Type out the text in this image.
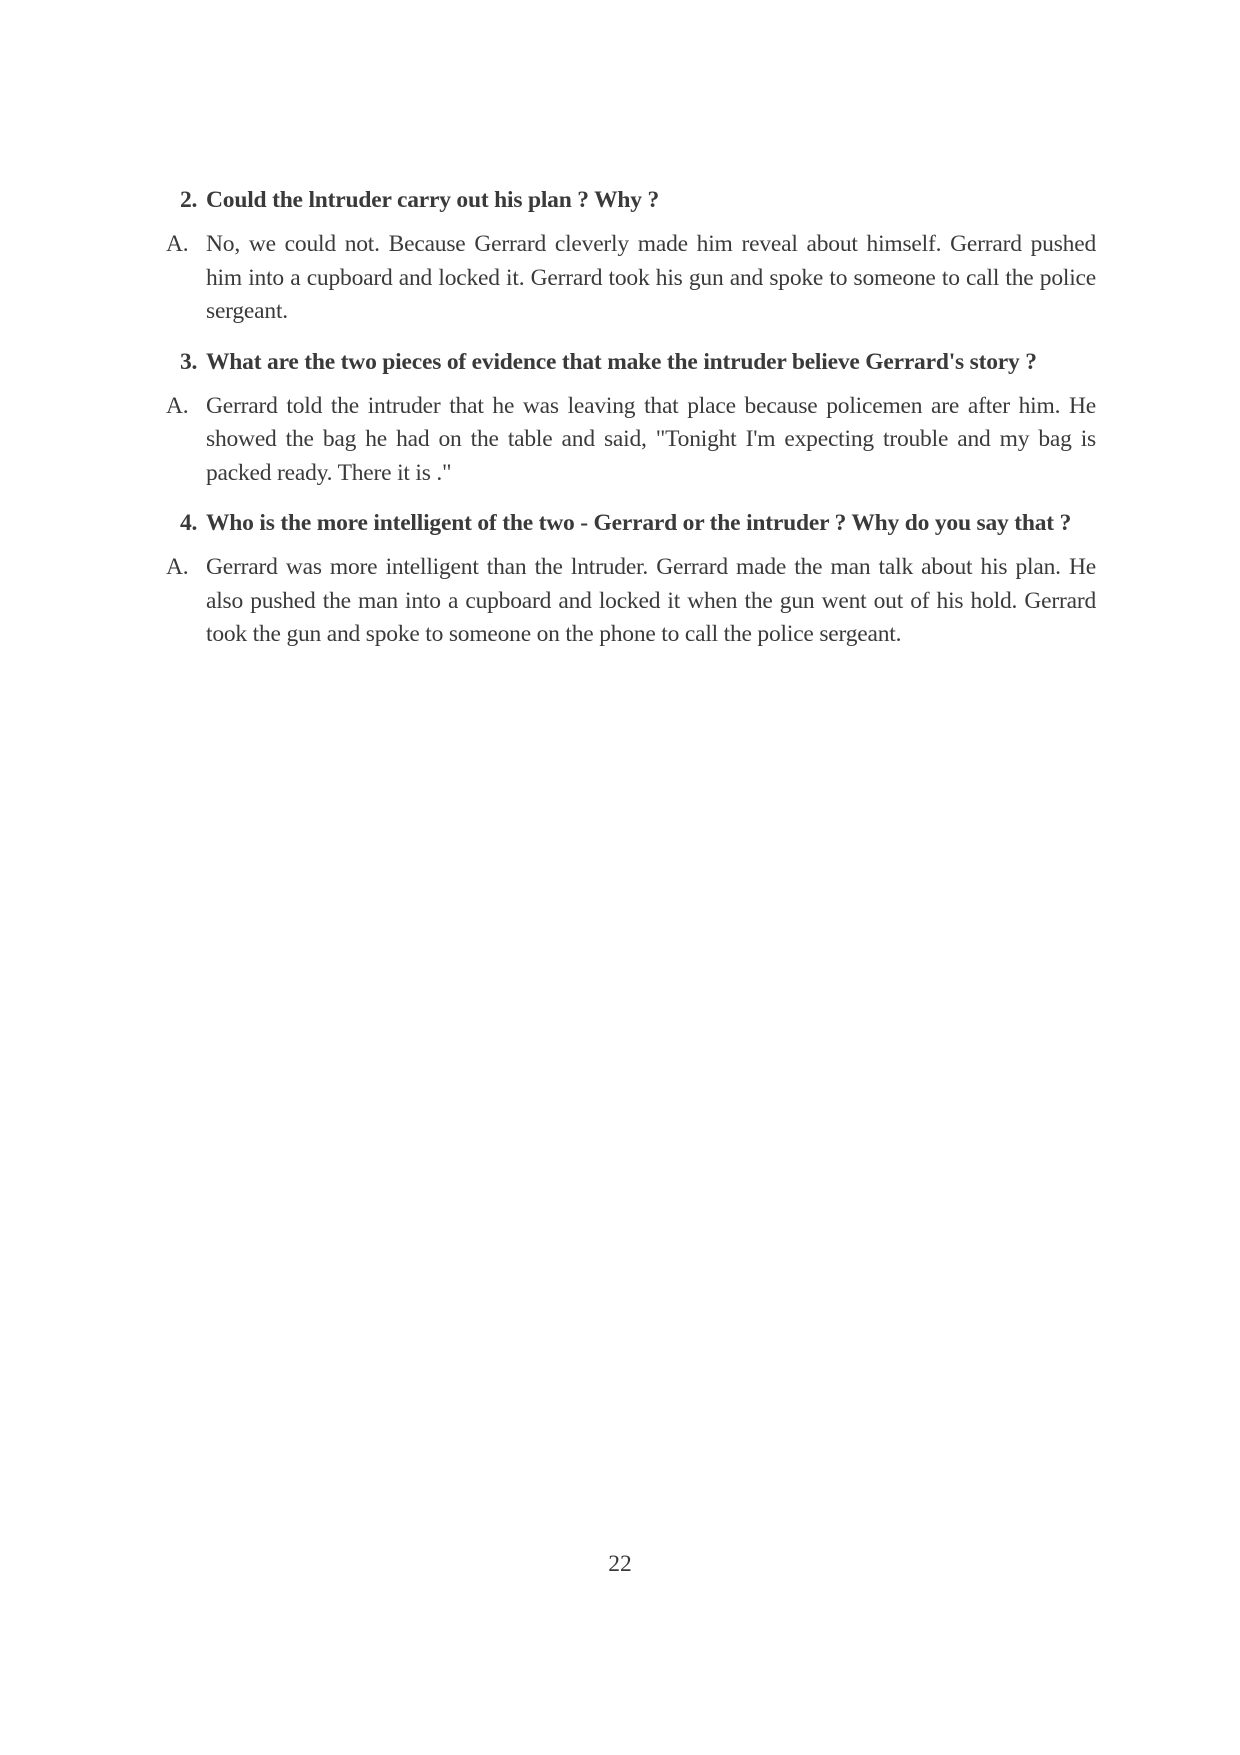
2. Could the lntruder carry out his plan ? Why ?
A. No, we could not. Because Gerrard cleverly made him reveal about himself. Gerrard pushed him into a cupboard and locked it. Gerrard took his gun and spoke to someone to call the police sergeant.
3. What are the two pieces of evidence that make the intruder believe Gerrard's story ?
A. Gerrard told the intruder that he was leaving that place because policemen are after him. He showed the bag he had on the table and said, "Tonight I'm expecting trouble and my bag is packed ready. There it is ."
4. Who is the more intelligent of the two - Gerrard or the intruder ? Why do you say that ?
A. Gerrard was more intelligent than the lntruder. Gerrard made the man talk about his plan. He also pushed the man into a cupboard and locked it when the gun went out of his hold. Gerrard took the gun and spoke to someone on the phone to call the police sergeant.
22
